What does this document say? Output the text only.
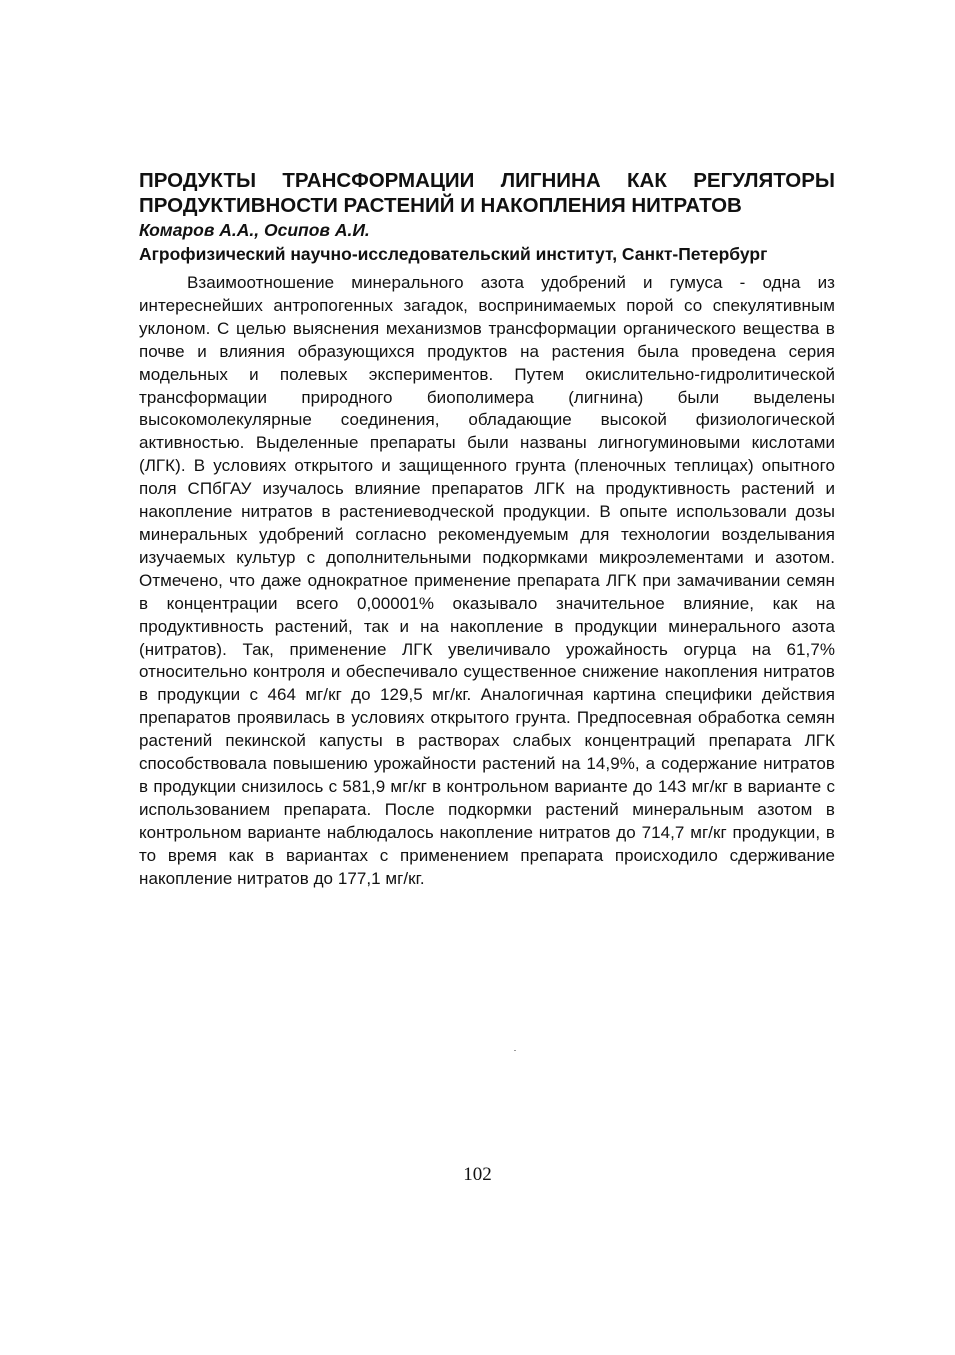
ПРОДУКТЫ ТРАНСФОРМАЦИИ ЛИГНИНА КАК РЕГУЛЯТОРЫ
ПРОДУКТИВНОСТИ РАСТЕНИЙ И НАКОПЛЕНИЯ НИТРАТОВ

Комаров А.А., Осипов А.И.

Агрофизический научно-исследовательский институт, Санкт-Петербург

Взаимоотношение минерального азота удобрений и гумуса - одна из интереснейших антропогенных загадок, воспринимаемых порой со спекулятивным уклоном. С целью выяснения механизмов трансформации органического вещества в почве и влияния образующихся продуктов на растения была проведена серия модельных и полевых экспериментов. Путем окислительно-гидролитической трансформации природного биополимера (лигнина) были выделены высокомолекулярные соединения, обладающие высокой физиологической активностью. Выделенные препараты были названы лигногуминовыми кислотами (ЛГК). В условиях открытого и защищенного грунта (пленочных теплицах) опытного поля СПбГАУ изучалось влияние препаратов ЛГК на продуктивность растений и накопление нитратов в растениеводческой продукции. В опыте использовали дозы минеральных удобрений согласно рекомендуемым для технологии возделывания изучаемых культур с дополнительными подкормками микроэлементами и азотом. Отмечено, что даже однократное применение препарата ЛГК при замачивании семян в концентрации всего 0,00001% оказывало значительное влияние, как на продуктивность растений, так и на накопление в продукции минерального азота (нитратов). Так, применение ЛГК увеличивало урожайность огурца на 61,7% относительно контроля и обеспечивало существенное снижение накопления нитратов в продукции с 464 мг/кг до 129,5 мг/кг. Аналогичная картина специфики действия препаратов проявилась в условиях открытого грунта. Предпосевная обработка семян растений пекинской капусты в растворах слабых концентраций препарата ЛГК способствовала повышению урожайности растений на 14,9%, а содержание нитратов в продукции снизилось с 581,9 мг/кг в контрольном варианте до 143 мг/кг в варианте с использованием препарата. После подкормки растений минеральным азотом в контрольном варианте наблюдалось накопление нитратов до 714,7 мг/кг продукции, в то время как в вариантах с применением препарата происходило сдерживание накопление нитратов до 177,1 мг/кг.

102
